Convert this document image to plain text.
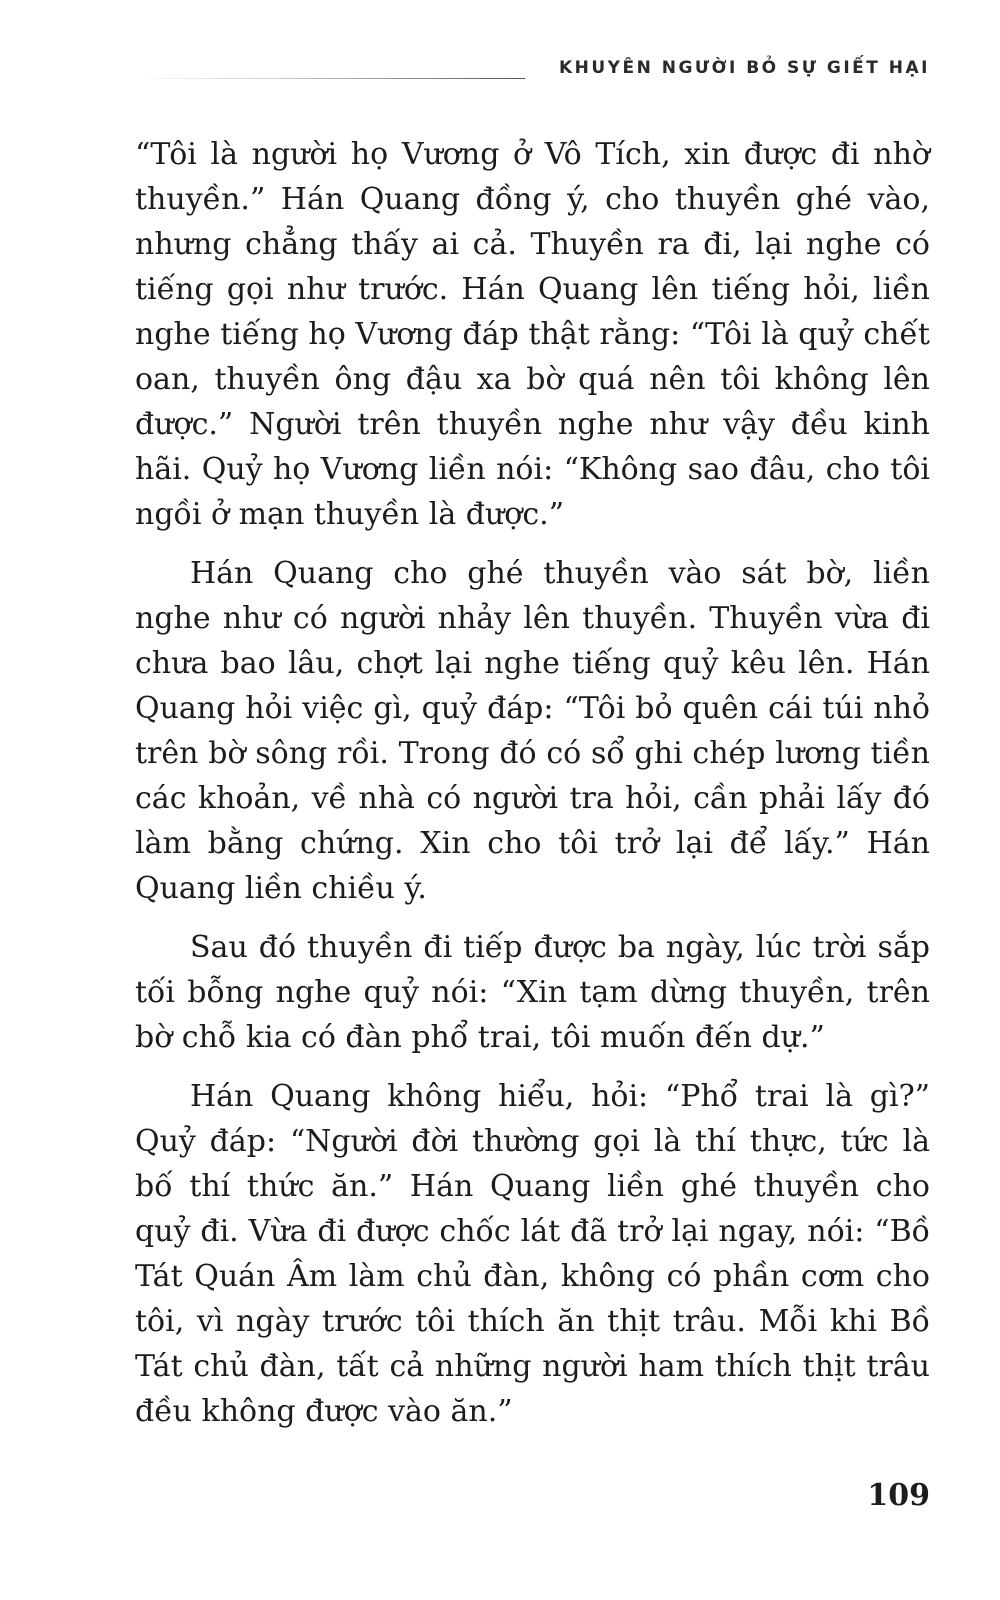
KHUYÊN NGƯỜI BỎ SỰ GIẾT HẠI

“Tôi là người họ Vương ở Vô Tích, xin được đi nhờ thuyền.” Hán Quang đồng ý, cho thuyền ghé vào, nhưng chẳng thấy ai cả. Thuyền ra đi, lại nghe có tiếng gọi như trước. Hán Quang lên tiếng hỏi, liền nghe tiếng họ Vương đáp thật rằng: “Tôi là quỷ chết oan, thuyền ông đậu xa bờ quá nên tôi không lên được.” Người trên thuyền nghe như vậy đều kinh hãi. Quỷ họ Vương liền nói: “Không sao đâu, cho tôi ngồi ở mạn thuyền là được.”

Hán Quang cho ghé thuyền vào sát bờ, liền nghe như có người nhảy lên thuyền. Thuyền vừa đi chưa bao lâu, chợt lại nghe tiếng quỷ kêu lên. Hán Quang hỏi việc gì, quỷ đáp: “Tôi bỏ quên cái túi nhỏ trên bờ sông rồi. Trong đó có sổ ghi chép lương tiền các khoản, về nhà có người tra hỏi, cần phải lấy đó làm bằng chứng. Xin cho tôi trở lại để lấy.” Hán Quang liền chiều ý.

Sau đó thuyền đi tiếp được ba ngày, lúc trời sắp tối bỗng nghe quỷ nói: “Xin tạm dừng thuyền, trên bờ chỗ kia có đàn phổ trai, tôi muốn đến dự.”

Hán Quang không hiểu, hỏi: “Phổ trai là gì?” Quỷ đáp: “Người đời thường gọi là thí thực, tức là bố thí thức ăn.” Hán Quang liền ghé thuyền cho quỷ đi. Vừa đi được chốc lát đã trở lại ngay, nói: “Bồ Tát Quán Âm làm chủ đàn, không có phần cơm cho tôi, vì ngày trước tôi thích ăn thịt trâu. Mỗi khi Bồ Tát chủ đàn, tất cả những người ham thích thịt trâu đều không được vào ăn.”

109
